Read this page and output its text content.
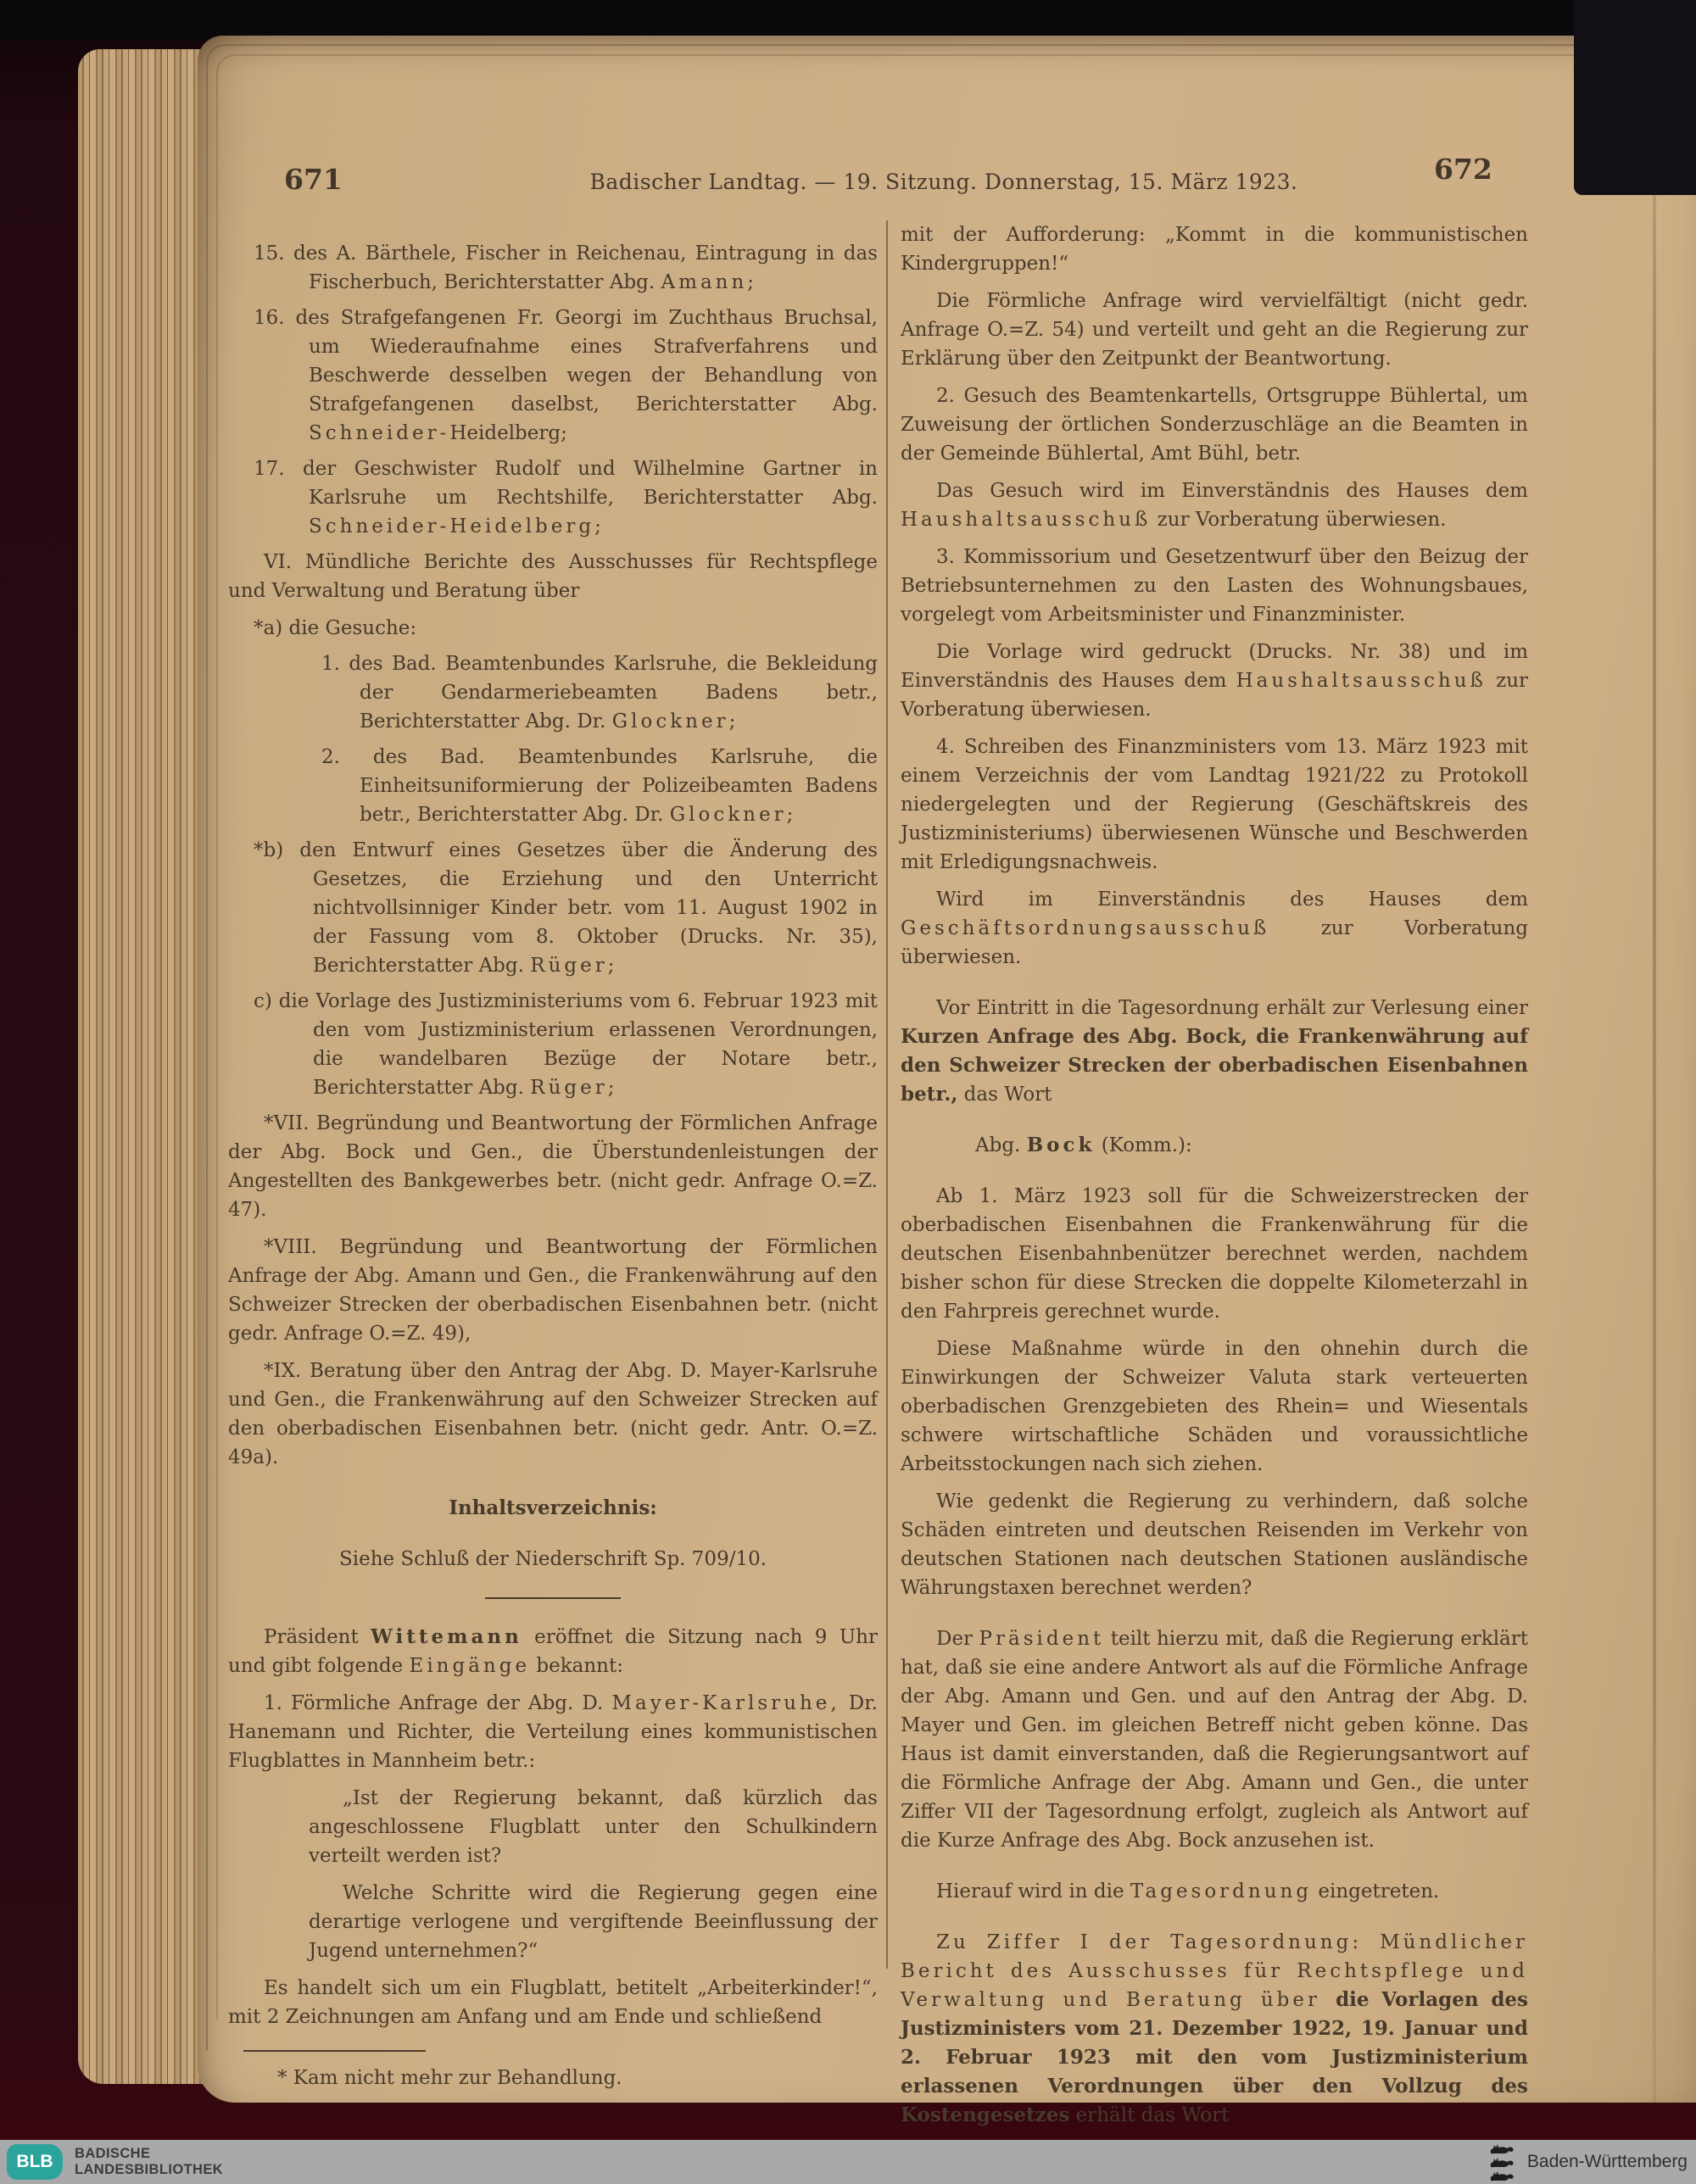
671	Badischer Landtag. — 19. Sitzung. Donnerstag, 15. März 1923.	672
15. des A. Bärthele, Fischer in Reichenau, Eintragung in das Fischerbuch, Berichterstatter Abg. Amann;
16. des Strafgefangenen Fr. Georgi im Zuchthaus Bruchsal, um Wiederaufnahme eines Strafverfahrens und Beschwerde desselben wegen der Behandlung von Strafgefangenen daselbst, Berichterstatter Abg. Schneider-Heidelberg;
17. der Geschwister Rudolf und Wilhelmine Gartner in Karlsruhe um Rechtshilfe, Berichterstatter Abg. Schneider-Heidelberg;
VI. Mündliche Berichte des Ausschusses für Rechtspflege und Verwaltung und Beratung über
*a) die Gesuche:
1. des Bad. Beamtenbundes Karlsruhe, die Bekleidung der Gendarmeriebeamten Badens betr., Berichterstatter Abg. Dr. Glockner;
2. des Bad. Beamtenbundes Karlsruhe, die Einheitsuniformierung der Polizeibeamten Badens betr., Berichterstatter Abg. Dr. Glockner;
*b) den Entwurf eines Gesetzes über die Änderung des Gesetzes, die Erziehung und den Unterricht nichtvollsinniger Kinder betr. vom 11. August 1902 in der Fassung vom 8. Oktober (Drucks. Nr. 35), Berichterstatter Abg. Rüger;
c) die Vorlage des Justizministeriums vom 6. Februar 1923 mit den vom Justizministerium erlassenen Verordnungen, die wandelbaren Bezüge der Notare betr., Berichterstatter Abg. Rüger;
*VII. Begründung und Beantwortung der Förmlichen Anfrage der Abg. Bock und Gen., die Überstundenleistungen der Angestellten des Bankgewerbes betr. (nicht gedr. Anfrage O.=Z. 47).
*VIII. Begründung und Beantwortung der Förmlichen Anfrage der Abg. Amann und Gen., die Frankenwährung auf den Schweizer Strecken der oberbadischen Eisenbahnen betr. (nicht gedr. Anfrage O.=Z. 49),
*IX. Beratung über den Antrag der Abg. D. Mayer-Karlsruhe und Gen., die Frankenwährung auf den Schweizer Strecken auf den oberbadischen Eisenbahnen betr. (nicht gedr. Antr. O.=Z. 49a).
Inhaltsverzeichnis:
Siehe Schluß der Niederschrift Sp. 709/10.
Präsident Wittemann eröffnet die Sitzung nach 9 Uhr und gibt folgende Eingänge bekannt:
1. Förmliche Anfrage der Abg. D. Mayer-Karlsruhe, Dr. Hanemann und Richter, die Verteilung eines kommunistischen Flugblattes in Mannheim betr.:
„Ist der Regierung bekannt, daß kürzlich das angeschlossene Flugblatt unter den Schulkindern verteilt werden ist?
Welche Schritte wird die Regierung gegen eine derartige verlogene und vergiftende Beeinflussung der Jugend unternehmen?“
Es handelt sich um ein Flugblatt, betitelt „Arbeiterkinder!“, mit 2 Zeichnungen am Anfang und am Ende und schließend
* Kam nicht mehr zur Behandlung.
mit der Aufforderung: „Kommt in die kommunistischen Kindergruppen!“
Die Förmliche Anfrage wird vervielfältigt (nicht gedr. Anfrage O.=Z. 54) und verteilt und geht an die Regierung zur Erklärung über den Zeitpunkt der Beantwortung.
2. Gesuch des Beamtenkartells, Ortsgruppe Bühlertal, um Zuweisung der örtlichen Sonderzuschläge an die Beamten in der Gemeinde Bühlertal, Amt Bühl, betr.
Das Gesuch wird im Einverständnis des Hauses dem Haushaltsausschuß zur Vorberatung überwiesen.
3. Kommissorium und Gesetzentwurf über den Beizug der Betriebsunternehmen zu den Lasten des Wohnungsbaues, vorgelegt vom Arbeitsminister und Finanzminister.
Die Vorlage wird gedruckt (Drucks. Nr. 38) und im Einverständnis des Hauses dem Haushaltsausschuß zur Vorberatung überwiesen.
4. Schreiben des Finanzministers vom 13. März 1923 mit einem Verzeichnis der vom Landtag 1921/22 zu Protokoll niedergelegten und der Regierung (Geschäftskreis des Justizministeriums) überwiesenen Wünsche und Beschwerden mit Erledigungsnachweis.
Wird im Einverständnis des Hauses dem Geschäftsordnungsausschuß zur Vorberatung überwiesen.
Vor Eintritt in die Tagesordnung erhält zur Verlesung einer Kurzen Anfrage des Abg. Bock, die Frankenwährung auf den Schweizer Strecken der oberbadischen Eisenbahnen betr., das Wort
Abg. Bock (Komm.):
Ab 1. März 1923 soll für die Schweizerstrecken der oberbadischen Eisenbahnen die Frankenwährung für die deutschen Eisenbahnbenützer berechnet werden, nachdem bisher schon für diese Strecken die doppelte Kilometerzahl in den Fahrpreis gerechnet wurde.
Diese Maßnahme würde in den ohnehin durch die Einwirkungen der Schweizer Valuta stark verteuerten oberbadischen Grenzgebieten des Rhein= und Wiesentals schwere wirtschaftliche Schäden und voraussichtliche Arbeitsstockungen nach sich ziehen.
Wie gedenkt die Regierung zu verhindern, daß solche Schäden eintreten und deutschen Reisenden im Verkehr von deutschen Stationen nach deutschen Stationen ausländische Währungstaxen berechnet werden?
Der Präsident teilt hierzu mit, daß die Regierung erklärt hat, daß sie eine andere Antwort als auf die Förmliche Anfrage der Abg. Amann und Gen. und auf den Antrag der Abg. D. Mayer und Gen. im gleichen Betreff nicht geben könne. Das Haus ist damit einverstanden, daß die Regierungsantwort auf die Förmliche Anfrage der Abg. Amann und Gen., die unter Ziffer VII der Tagesordnung erfolgt, zugleich als Antwort auf die Kurze Anfrage des Abg. Bock anzusehen ist.
Hierauf wird in die Tagesordnung eingetreten.
Zu Ziffer I der Tagesordnung: Mündlicher Bericht des Ausschusses für Rechtspflege und Verwaltung und Beratung über die Vorlagen des Justizministers vom 21. Dezember 1922, 19. Januar und 2. Februar 1923 mit den vom Justizministerium erlassenen Verordnungen über den Vollzug des Kostengesetzes erhält das Wort
BLB BADISCHE
LANDESBIBLIOTHEK	Baden-Württemberg
